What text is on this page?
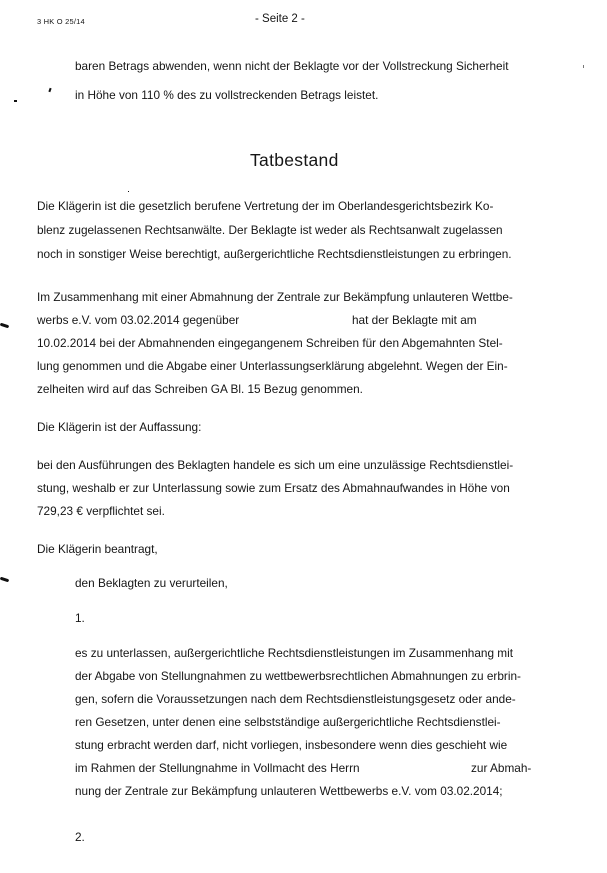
3 HK O 25/14	- Seite 2 -
baren Betrags abwenden, wenn nicht der Beklagte vor der Vollstreckung Sicherheit
in Höhe von 110 % des zu vollstreckenden Betrags leistet.
Tatbestand
Die Klägerin ist die gesetzlich berufene Vertretung der im Oberlandesgerichtsbezirk Ko-
blenz zugelassenen Rechtsanwälte. Der Beklagte ist weder als Rechtsanwalt zugelassen
noch in sonstiger Weise berechtigt, außergerichtliche Rechtsdienstleistungen zu erbringen.
Im Zusammenhang mit einer Abmahnung der Zentrale zur Bekämpfung unlauteren Wettbe-
werbs e.V. vom 03.02.2014 gegenüber	hat der Beklagte mit am
10.02.2014 bei der Abmahnenden eingegangenem Schreiben für den Abgemahnten Stel-
lung genommen und die Abgabe einer Unterlassungserklärung abgelehnt. Wegen der Ein-
zelheiten wird auf das Schreiben GA Bl. 15 Bezug genommen.
Die Klägerin ist der Auffassung:
bei den Ausführungen des Beklagten handele es sich um eine unzulässige Rechtsdienstlei-
stung, weshalb er zur Unterlassung sowie zum Ersatz des Abmahnaufwandes in Höhe von
729,23 € verpflichtet sei.
Die Klägerin beantragt,
den Beklagten zu verurteilen,
1.
es zu unterlassen, außergerichtliche Rechtsdienstleistungen im Zusammenhang mit
der Abgabe von Stellungnahmen zu wettbewerbsrechtlichen Abmahnungen zu erbrin-
gen, sofern die Voraussetzungen nach dem Rechtsdienstleistungsgesetz oder ande-
ren Gesetzen, unter denen eine selbstständige außergerichtliche Rechtsdienstlei-
stung erbracht werden darf, nicht vorliegen, insbesondere wenn dies geschieht wie
im Rahmen der Stellungnahme in Vollmacht des Herrn	zur Abmah-
nung der Zentrale zur Bekämpfung unlauteren Wettbewerbs e.V. vom 03.02.2014;
2.
